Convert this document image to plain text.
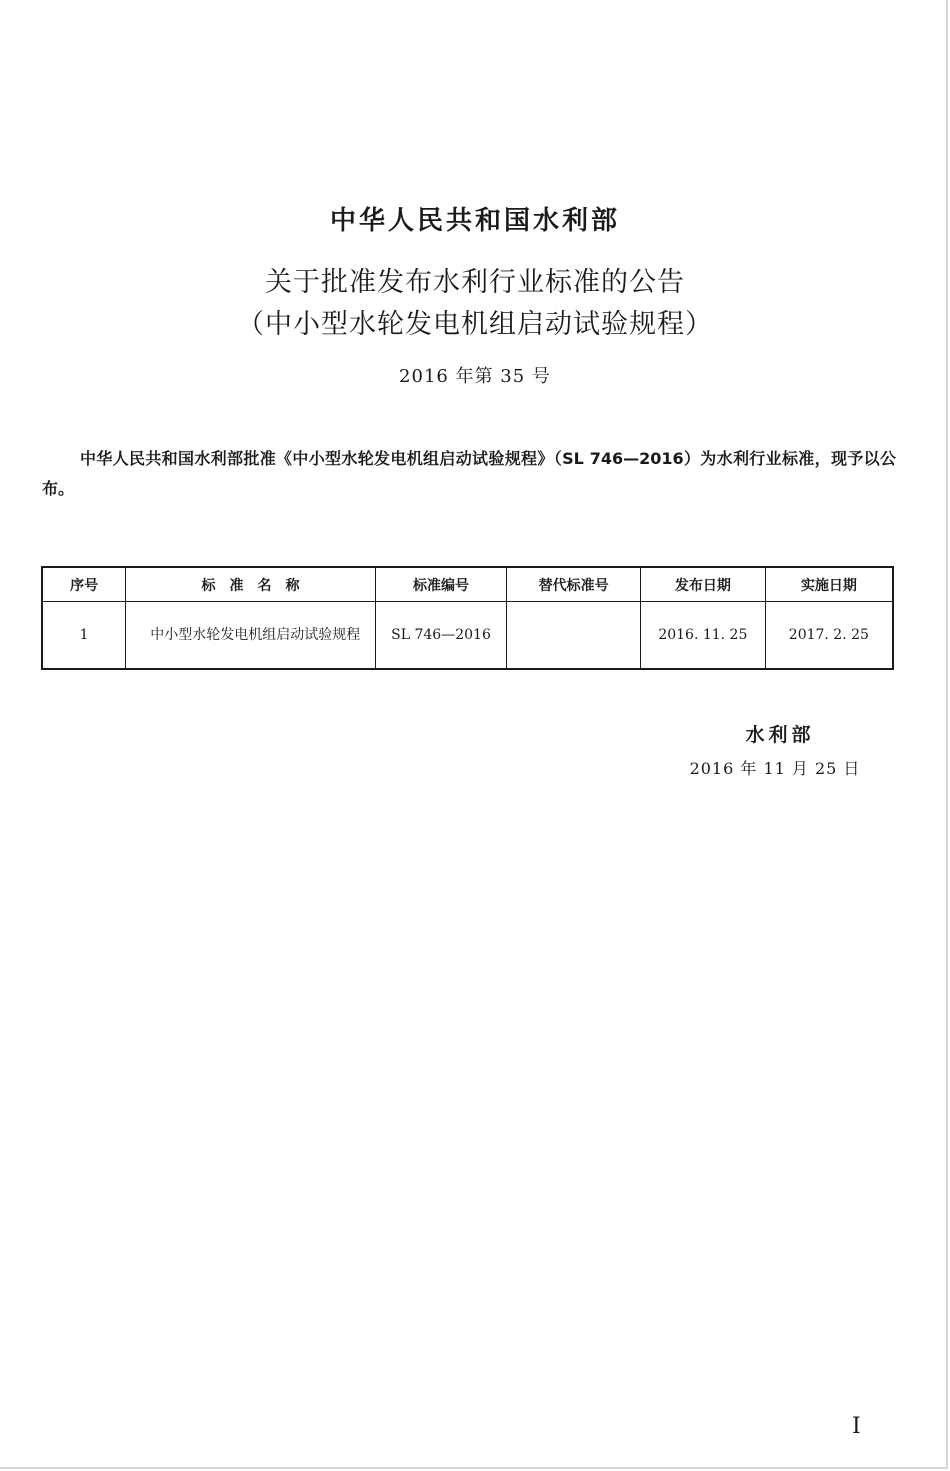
中华人民共和国水利部
关于批准发布水利行业标准的公告
（中小型水轮发电机组启动试验规程）
2016 年第 35 号
中华人民共和国水利部批准《中小型水轮发电机组启动试验规程》（SL 746—2016）为水利行业标准，现予以公布。
序号	标　准　名　称	标准编号	替代标准号	发布日期	实施日期
1	中小型水轮发电机组启动试验规程	SL 746—2016		2016. 11. 25	2017. 2. 25
水利部
2016 年 11 月 25 日
I
